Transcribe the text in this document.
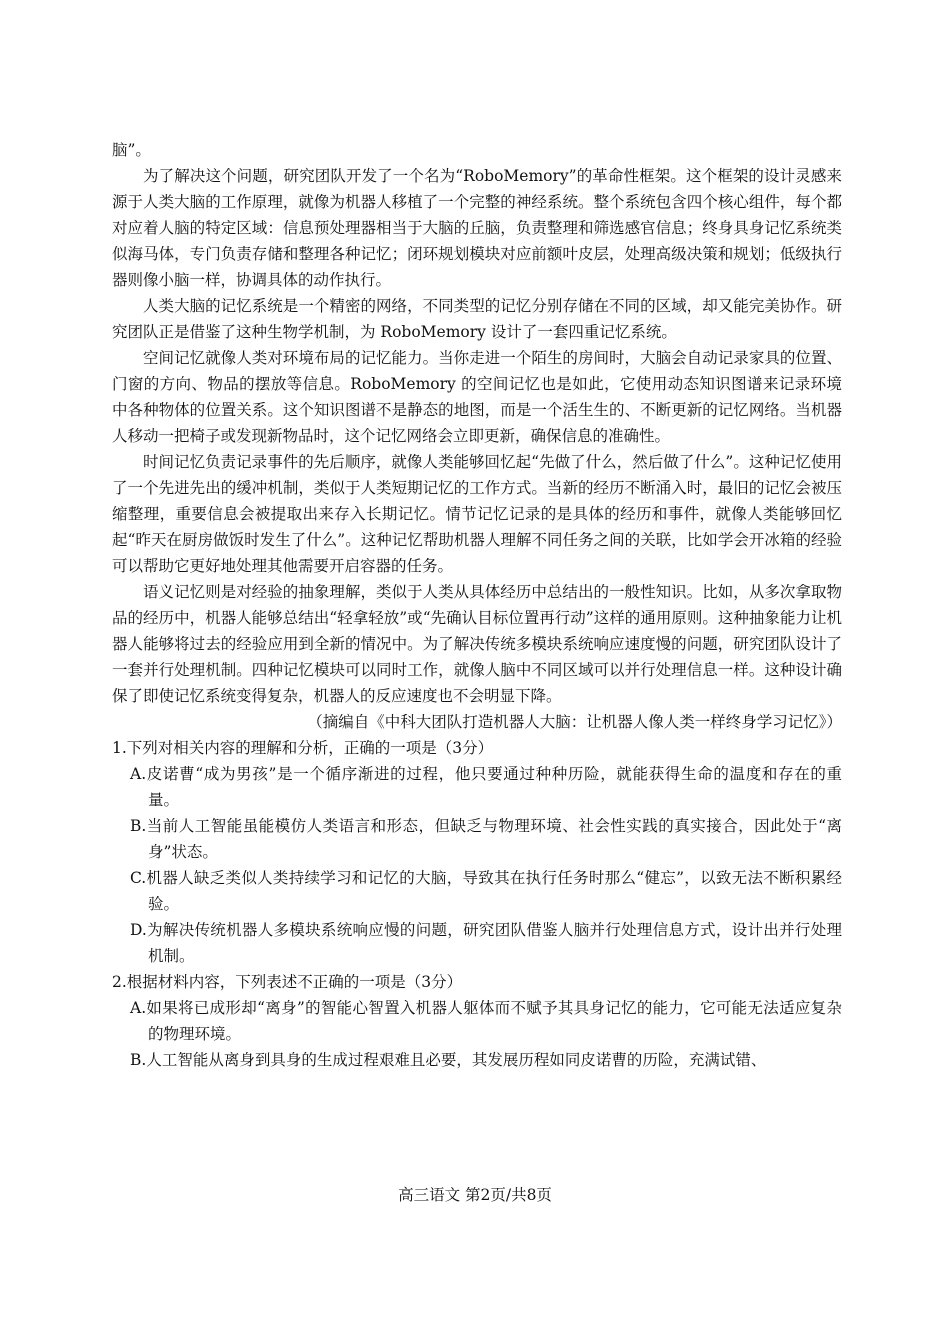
脑”。

为了解决这个问题，研究团队开发了一个名为“RoboMemory”的革命性框架。这个框架的设计灵感来源于人类大脑的工作原理，就像为机器人移植了一个完整的神经系统。整个系统包含四个核心组件，每个都对应着人脑的特定区域：信息预处理器相当于大脑的丘脑，负责整理和筛选感官信息；终身具身记忆系统类似海马体，专门负责存储和整理各种记忆；闭环规划模块对应前额叶皮层，处理高级决策和规划；低级执行器则像小脑一样，协调具体的动作执行。

人类大脑的记忆系统是一个精密的网络，不同类型的记忆分别存储在不同的区域，却又能完美协作。研究团队正是借鉴了这种生物学机制，为 RoboMemory 设计了一套四重记忆系统。

空间记忆就像人类对环境布局的记忆能力。当你走进一个陌生的房间时，大脑会自动记录家具的位置、门窗的方向、物品的摆放等信息。RoboMemory 的空间记忆也是如此，它使用动态知识图谱来记录环境中各种物体的位置关系。这个知识图谱不是静态的地图，而是一个活生生的、不断更新的记忆网络。当机器人移动一把椅子或发现新物品时，这个记忆网络会立即更新，确保信息的准确性。

时间记忆负责记录事件的先后顺序，就像人类能够回忆起“先做了什么，然后做了什么”。这种记忆使用了一个先进先出的缓冲机制，类似于人类短期记忆的工作方式。当新的经历不断涌入时，最旧的记忆会被压缩整理，重要信息会被提取出来存入长期记忆。情节记忆记录的是具体的经历和事件，就像人类能够回忆起“昨天在厨房做饭时发生了什么”。这种记忆帮助机器人理解不同任务之间的关联，比如学会开冰箱的经验可以帮助它更好地处理其他需要开启容器的任务。

语义记忆则是对经验的抽象理解，类似于人类从具体经历中总结出的一般性知识。比如，从多次拿取物品的经历中，机器人能够总结出“轻拿轻放”或“先确认目标位置再行动”这样的通用原则。这种抽象能力让机器人能够将过去的经验应用到全新的情况中。为了解决传统多模块系统响应速度慢的问题，研究团队设计了一套并行处理机制。四种记忆模块可以同时工作，就像人脑中不同区域可以并行处理信息一样。这种设计确保了即使记忆系统变得复杂，机器人的反应速度也不会明显下降。

（摘编自《中科大团队打造机器人大脑：让机器人像人类一样终身学习记忆》）

1.下列对相关内容的理解和分析，正确的一项是（3分）

A.皮诺曹“成为男孩”是一个循序渐进的过程，他只要通过种种历险，就能获得生命的温度和存在的重量。

B.当前人工智能虽能模仿人类语言和形态，但缺乏与物理环境、社会性实践的真实接合，因此处于“离身”状态。

C.机器人缺乏类似人类持续学习和记忆的大脑，导致其在执行任务时那么“健忘”，以致无法不断积累经验。

D.为解决传统机器人多模块系统响应慢的问题，研究团队借鉴人脑并行处理信息方式，设计出并行处理机制。

2.根据材料内容，下列表述不正确的一项是（3分）

A.如果将已成形却“离身”的智能心智置入机器人躯体而不赋予其具身记忆的能力，它可能无法适应复杂的物理环境。

B.人工智能从离身到具身的生成过程艰难且必要，其发展历程如同皮诺曹的历险，充满试错、

高三语文 第2页/共8页
